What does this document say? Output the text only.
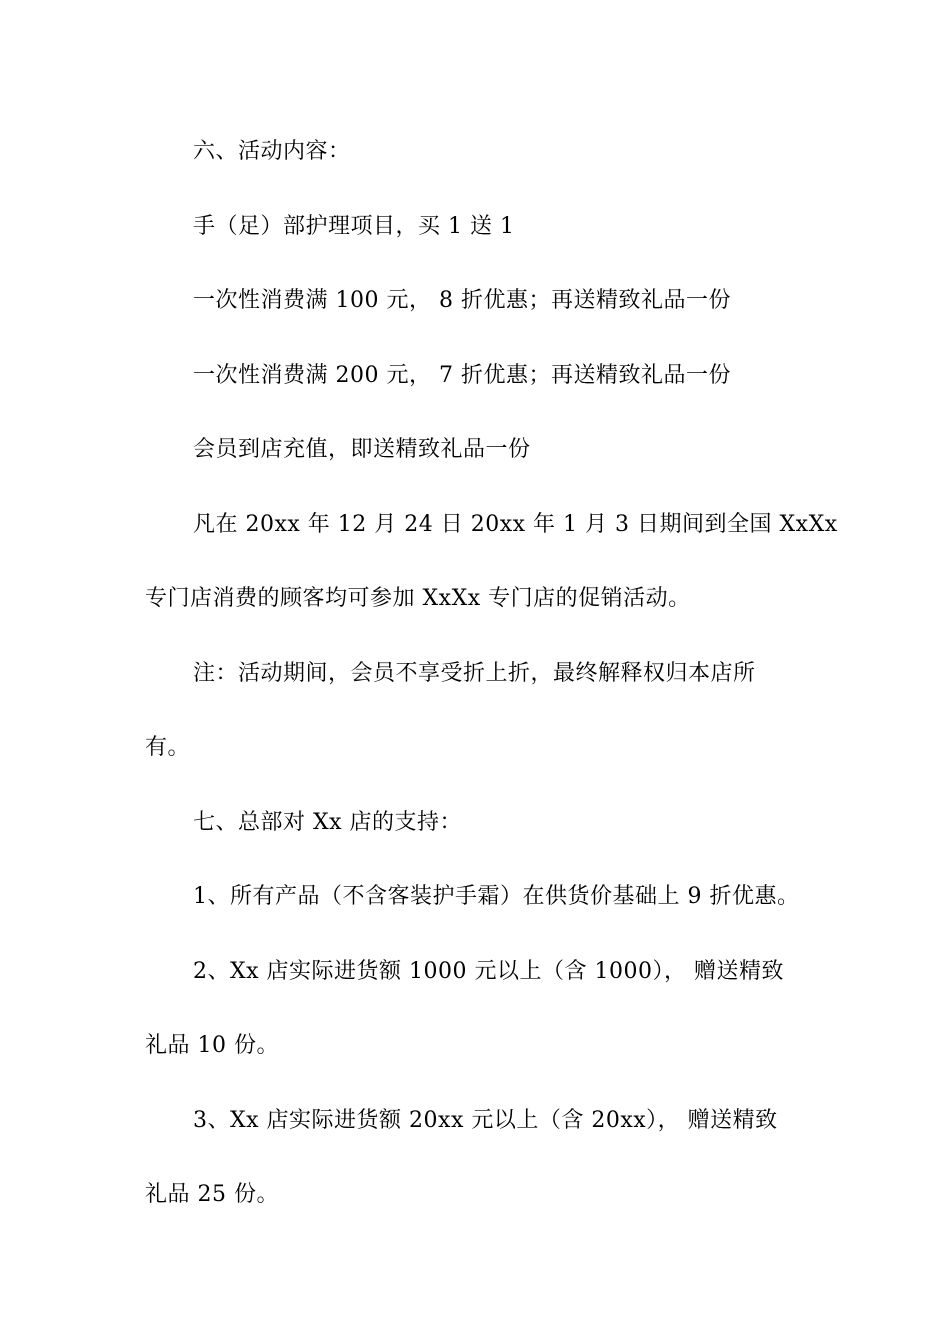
六、活动内容：
手（足）部护理项目，买 1 送 1
一次性消费满 100 元， 8 折优惠；再送精致礼品一份
一次性消费满 200 元， 7 折优惠；再送精致礼品一份
会员到店充值，即送精致礼品一份
凡在 20xx 年 12 月 24 日 20xx 年 1 月 3 日期间到全国 XxXx
专门店消费的顾客均可参加 XxXx 专门店的促销活动。
注：活动期间，会员不享受折上折，最终解释权归本店所
有。
七、总部对 Xx 店的支持：
1、所有产品（不含客装护手霜）在供货价基础上 9 折优惠。
2、Xx 店实际进货额 1000 元以上（含 1000）， 赠送精致
礼品 10 份。
3、Xx 店实际进货额 20xx 元以上（含 20xx）， 赠送精致
礼品 25 份。
